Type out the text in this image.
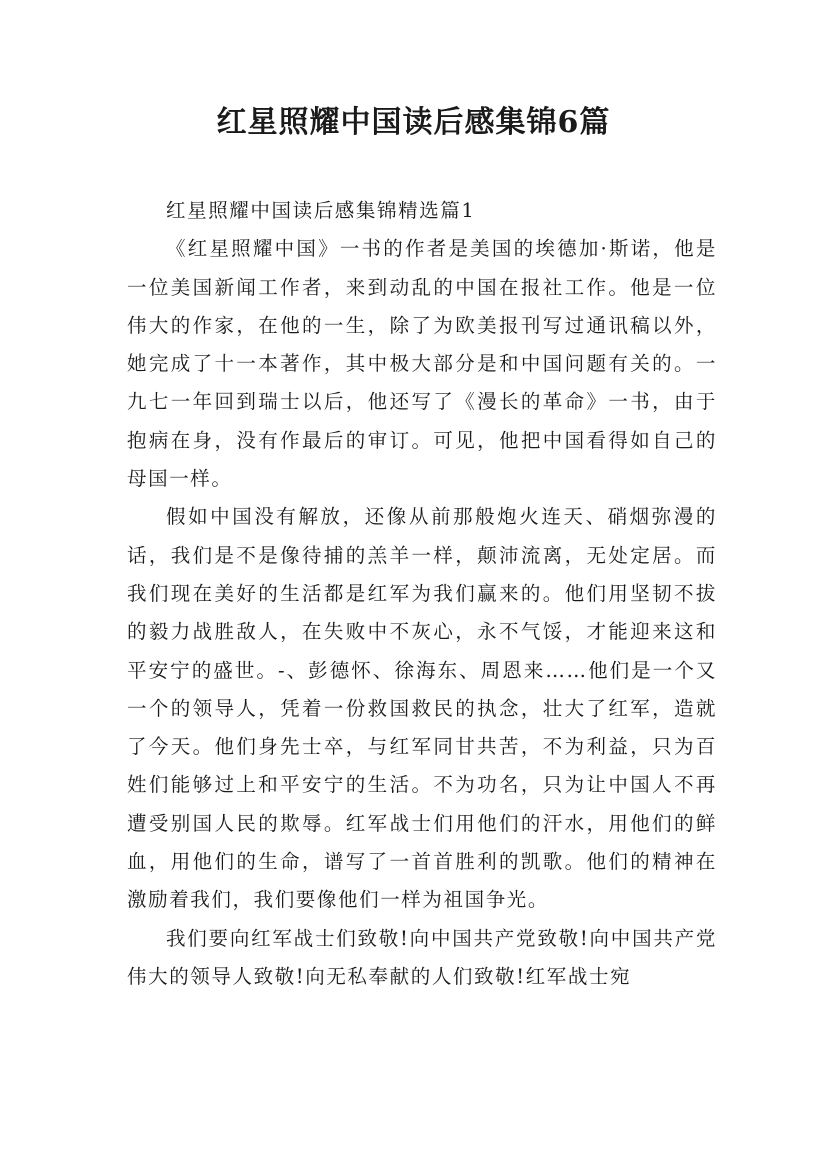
红星照耀中国读后感集锦6篇

红星照耀中国读后感集锦精选篇1

《红星照耀中国》一书的作者是美国的埃德加·斯诺，他是一位美国新闻工作者，来到动乱的中国在报社工作。他是一位伟大的作家，在他的一生，除了为欧美报刊写过通讯稿以外，她完成了十一本著作，其中极大部分是和中国问题有关的。一九七一年回到瑞士以后，他还写了《漫长的革命》一书，由于抱病在身，没有作最后的审订。可见，他把中国看得如自己的母国一样。

假如中国没有解放，还像从前那般炮火连天、硝烟弥漫的话，我们是不是像待捕的羔羊一样，颠沛流离，无处定居。而我们现在美好的生活都是红军为我们赢来的。他们用坚韧不拔的毅力战胜敌人，在失败中不灰心，永不气馁，才能迎来这和平安宁的盛世。-、彭德怀、徐海东、周恩来……他们是一个又一个的领导人，凭着一份救国救民的执念，壮大了红军，造就了今天。他们身先士卒，与红军同甘共苦，不为利益，只为百姓们能够过上和平安宁的生活。不为功名，只为让中国人不再遭受别国人民的欺辱。红军战士们用他们的汗水，用他们的鲜血，用他们的生命，谱写了一首首胜利的凯歌。他们的精神在激励着我们，我们要像他们一样为祖国争光。

我们要向红军战士们致敬!向中国共产党致敬!向中国共产党伟大的领导人致敬!向无私奉献的人们致敬!红军战士宛
